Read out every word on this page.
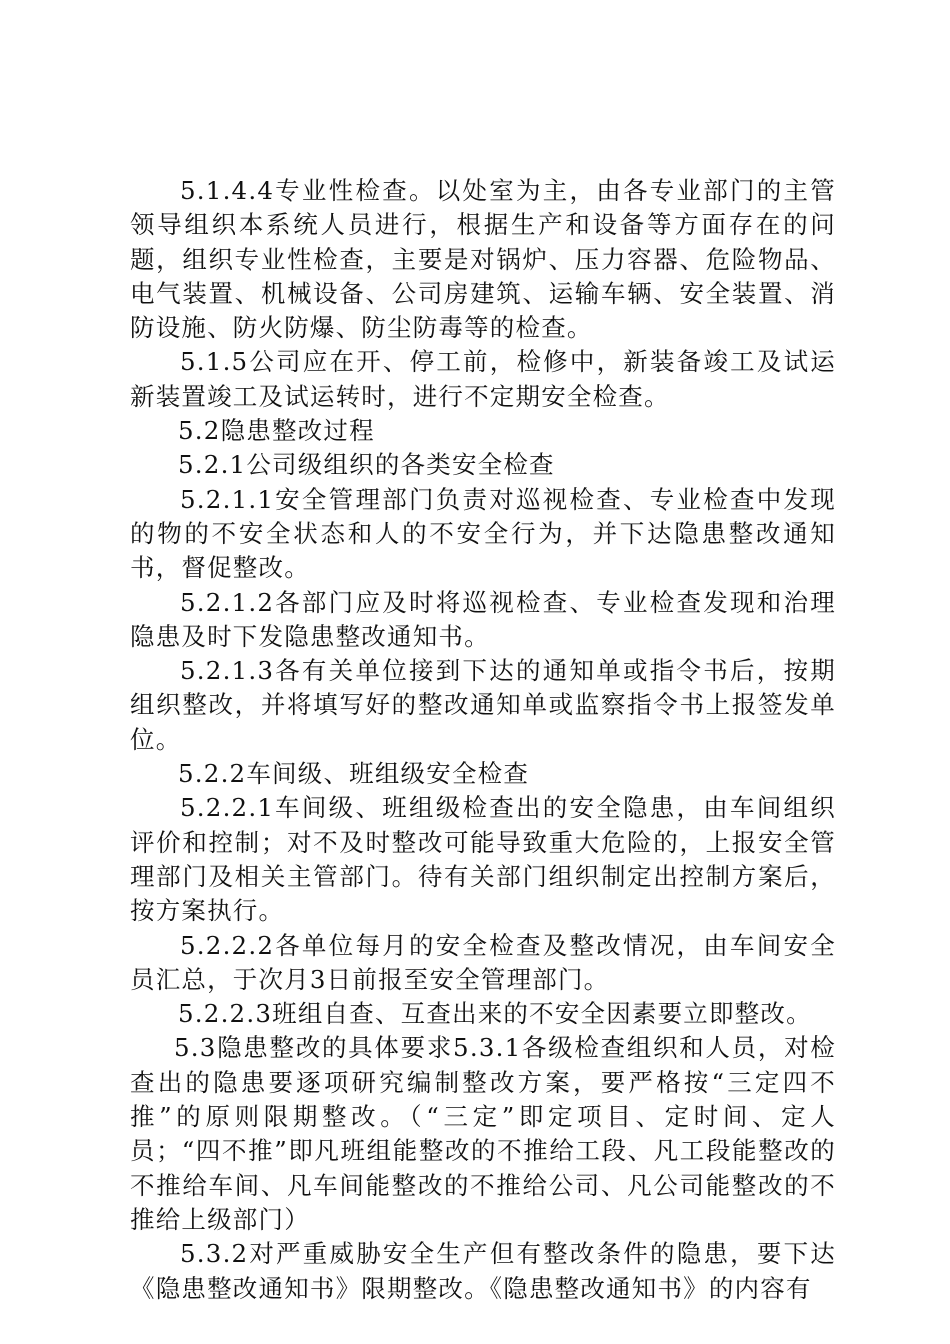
5.1.4.4专业性检查。以处室为主，由各专业部门的主管领导组织本系统人员进行，根据生产和设备等方面存在的问题，组织专业性检查，主要是对锅炉、压力容器、危险物品、电气装置、机械设备、公司房建筑、运输车辆、安全装置、消防设施、防火防爆、防尘防毒等的检查。

5.1.5公司应在开、停工前，检修中，新装备竣工及试运新装置竣工及试运转时，进行不定期安全检查。

5.2隐患整改过程

5.2.1公司级组织的各类安全检查

5.2.1.1安全管理部门负责对巡视检查、专业检查中发现的物的不安全状态和人的不安全行为，并下达隐患整改通知书，督促整改。

5.2.1.2各部门应及时将巡视检查、专业检查发现和治理隐患及时下发隐患整改通知书。

5.2.1.3各有关单位接到下达的通知单或指令书后，按期组织整改，并将填写好的整改通知单或监察指令书上报签发单位。

5.2.2车间级、班组级安全检查

5.2.2.1车间级、班组级检查出的安全隐患，由车间组织评价和控制；对不及时整改可能导致重大危险的，上报安全管理部门及相关主管部门。待有关部门组织制定出控制方案后，按方案执行。

5.2.2.2各单位每月的安全检查及整改情况，由车间安全员汇总，于次月3日前报至安全管理部门。

5.2.2.3班组自查、互查出来的不安全因素要立即整改。

5.3隐患整改的具体要求5.3.1各级检查组织和人员，对检查出的隐患要逐项研究编制整改方案，要严格按“三定四不推”的原则限期整改。（“三定”即定项目、定时间、定人员；“四不推”即凡班组能整改的不推给工段、凡工段能整改的不推给车间、凡车间能整改的不推给公司、凡公司能整改的不推给上级部门）

5.3.2对严重威胁安全生产但有整改条件的隐患，要下达《隐患整改通知书》限期整改。《隐患整改通知书》的内容有
